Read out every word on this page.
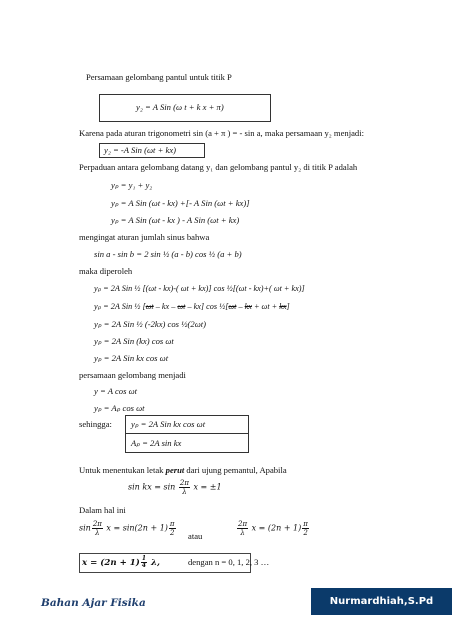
Persamaan gelombang pantul untuk titik P
y₂ = A Sin (ω t + k x + π)
Karena pada aturan trigonometri sin (a + π ) = - sin a, maka persamaan y₂ menjadi:
y₂ = -A Sin (ωt + kx)
Perpaduan antara gelombang datang y₁ dan gelombang pantul y₂ di titik P adalah
yₚ = y₁ + y₂
yₚ = A Sin (ωt - kx) +[- A Sin (ωt + kx)]
yₚ = A Sin (ωt - kx ) - A Sin (ωt + kx)
mengingat aturan jumlah sinus bahwa
sin a - sin b = 2 sin ½ (a - b) cos ½ (a + b)
maka diperoleh
yₚ = 2A Sin ½ [(ωt - kx)-( ωt + kx)] cos ½[(ωt - kx)+( ωt + kx)]
yₚ = 2A Sin ½ [ωt – kx – ωt – kx] cos ½[ωt – kx + ωt + kx]
yₚ = 2A Sin ½ (-2kx) cos ½(2ωt)
yₚ = 2A Sin (kx) cos ωt
yₚ = 2A Sin kx cos ωt
persamaan gelombang menjadi
y = A cos ωt
yₚ = Aₚ cos ωt
sehingga: yₚ = 2A Sin kx cos ωt
Aₚ = 2A sin kx
Untuk menentukan letak perut dari ujung pemantul, Apabila
sin kx = $\sin \frac{2\pi}{\lambda}$ x = ±1
Dalam hal ini
$\sin \frac{2\pi}{\lambda}$ $x = \sin(2n + 1) \frac{\pi}{2}$ atau	$\frac{2\pi}{\lambda}$ $x = (2n + 1) \frac{\pi}{2}$
$x = (2n + 1) \frac{1}{4} \lambda$,	dengan n = 0, 1, 2, 3 …
Bahan Ajar Fisika	Nurmardhiah,S.Pd
